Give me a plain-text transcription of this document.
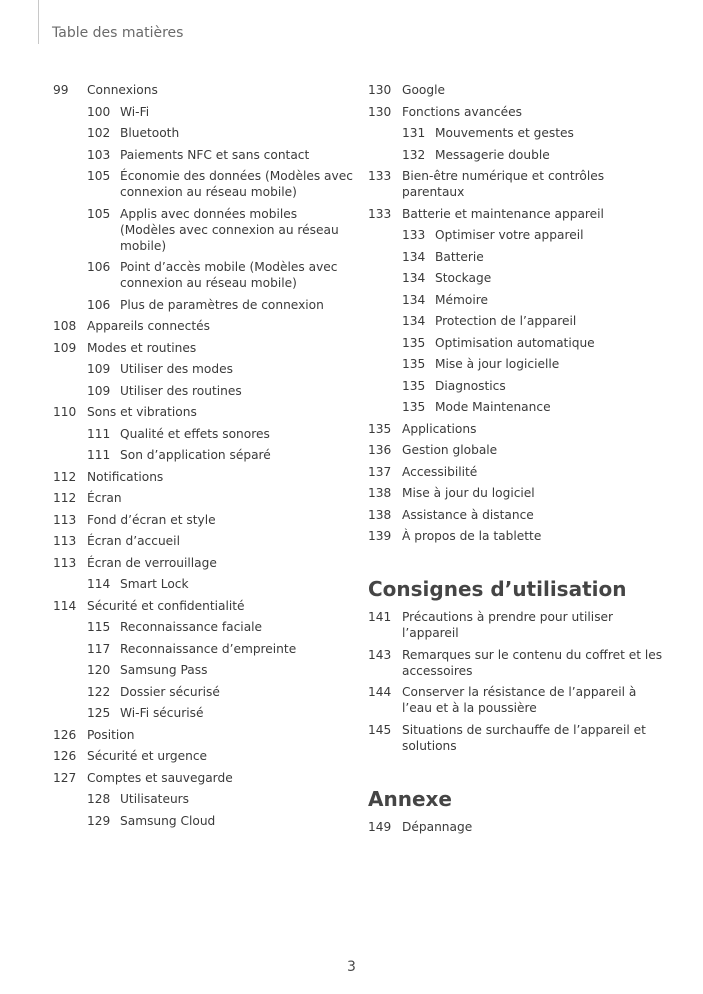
Table des matières
99	Connexions
100 Wi-Fi
102 Bluetooth
103 Paiements NFC et sans contact
105 Économie des données (Modèles avec connexion au réseau mobile)
105 Applis avec données mobiles (Modèles avec connexion au réseau mobile)
106 Point d’accès mobile (Modèles avec connexion au réseau mobile)
106 Plus de paramètres de connexion
108 Appareils connectés
109 Modes et routines
109 Utiliser des modes
109 Utiliser des routines
110 Sons et vibrations
111 Qualité et effets sonores
111 Son d’application séparé
112 Notifications
112 Écran
113 Fond d’écran et style
113 Écran d’accueil
113 Écran de verrouillage
114 Smart Lock
114 Sécurité et confidentialité
115 Reconnaissance faciale
117 Reconnaissance d’empreinte
120 Samsung Pass
122 Dossier sécurisé
125 Wi-Fi sécurisé
126 Position
126 Sécurité et urgence
127 Comptes et sauvegarde
128 Utilisateurs
129 Samsung Cloud
130 Google
130 Fonctions avancées
131 Mouvements et gestes
132 Messagerie double
133 Bien-être numérique et contrôles parentaux
133 Batterie et maintenance appareil
133 Optimiser votre appareil
134 Batterie
134 Stockage
134 Mémoire
134 Protection de l’appareil
135 Optimisation automatique
135 Mise à jour logicielle
135 Diagnostics
135 Mode Maintenance
135 Applications
136 Gestion globale
137 Accessibilité
138 Mise à jour du logiciel
138 Assistance à distance
139 À propos de la tablette
Consignes d’utilisation
141 Précautions à prendre pour utiliser l’appareil
143 Remarques sur le contenu du coffret et les accessoires
144 Conserver la résistance de l’appareil à l’eau et à la poussière
145 Situations de surchauffe de l’appareil et solutions
Annexe
149 Dépannage
3
